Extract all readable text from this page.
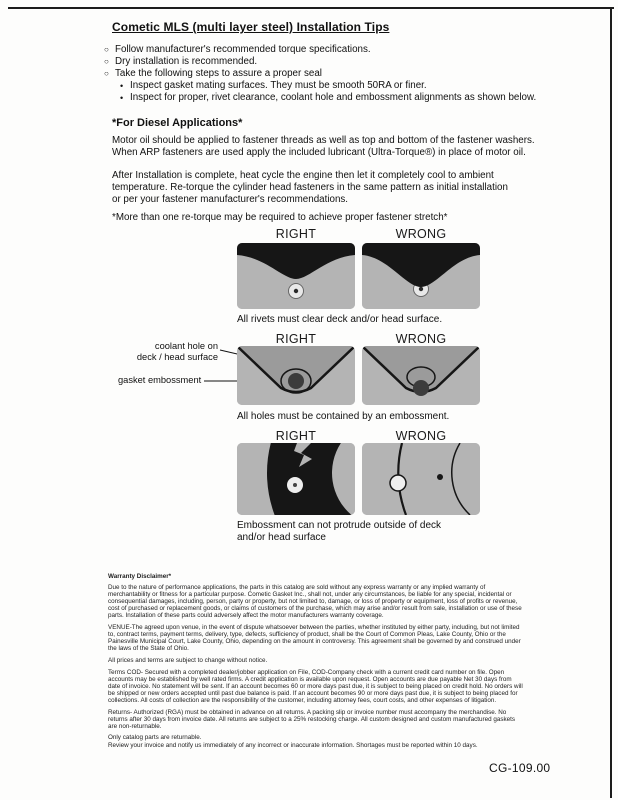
Cometic MLS (multi layer steel) Installation Tips
○ Follow manufacturer's recommended torque specifications.
○ Dry installation is recommended.
○ Take the following steps to assure a proper seal
• Inspect gasket mating surfaces. They must be smooth 50RA or finer.
• Inspect for proper, rivet clearance, coolant hole and embossment alignments as shown below.
*For Diesel Applications*
Motor oil should be applied to fastener threads as well as top and bottom of the fastener washers.
When ARP fasteners are used apply the included lubricant (Ultra-Torque®) in place of motor oil.
After Installation is complete, heat cycle the engine then let it completely cool to ambient
temperature. Re-torque the cylinder head fasteners in the same pattern as initial installation
or per your fastener manufacturer's recommendations.
*More than one re-torque may be required to achieve proper fastener stretch*
RIGHT	WRONG
All rivets must clear deck and/or head surface.
RIGHT	WRONG
coolant hole on
deck / head surface
gasket embossment
All holes must be contained by an embossment.
RIGHT	WRONG
Embossment can not protrude outside of deck
and/or head surface
Warranty Disclaimer*

Due to the nature of performance applications, the parts in this catalog are sold without any express warranty or any implied warranty of merchantability or fitness for a particular purpose. Cometic Gasket Inc., shall not, under any circumstances, be liable for any special, incidental or consequential damages, including, person, party or property, but not limited to, damage, or loss of property or equipment, loss of profits or revenue, cost of purchased or replacement goods, or claims of customers of the purchase, which may arise and/or result from sale, installation or use of these parts. Installation of these parts could adversely affect the motor manufacturers warranty coverage.

VENUE-The agreed upon venue, in the event of dispute whatsoever between the parties, whether instituted by either party, including, but not limited to, contract terms, payment terms, delivery, type, defects, sufficiency of product, shall be the Court of Common Pleas, Lake County, Ohio or the Painesville Municipal Court, Lake County, Ohio, depending on the amount in controversy. This agreement shall be governed by and construed under the laws of the State of Ohio.

All prices and terms are subject to change without notice.

Terms COD- Secured with a completed dealer/jobber application on File, COD-Company check with a current credit card number on file. Open accounts may be established by well rated firms. A credit application is available upon request. Open accounts are due payable Net 30 days from date of invoice. No statement will be sent. If an account becomes 60 or more days past due, it is subject to being placed on credit hold. No orders will be shipped or new orders accepted until past due balance is paid. If an account becomes 90 or more days past due, it is subject to being placed for collections. All costs of collection are the responsibility of the customer, including attorney fees, court costs, and other expenses of litigation.

Returns- Authorized (RGA) must be obtained in advance on all returns. A packing slip or invoice number must accompany the merchandise. No returns after 30 days from invoice date. All returns are subject to a 25% restocking charge. All custom designed and custom manufactured gaskets are non-returnable.

Only catalog parts are returnable.

Review your invoice and notify us immediately of any incorrect or inaccurate information. Shortages must be reported within 10 days.

CG-109.00
